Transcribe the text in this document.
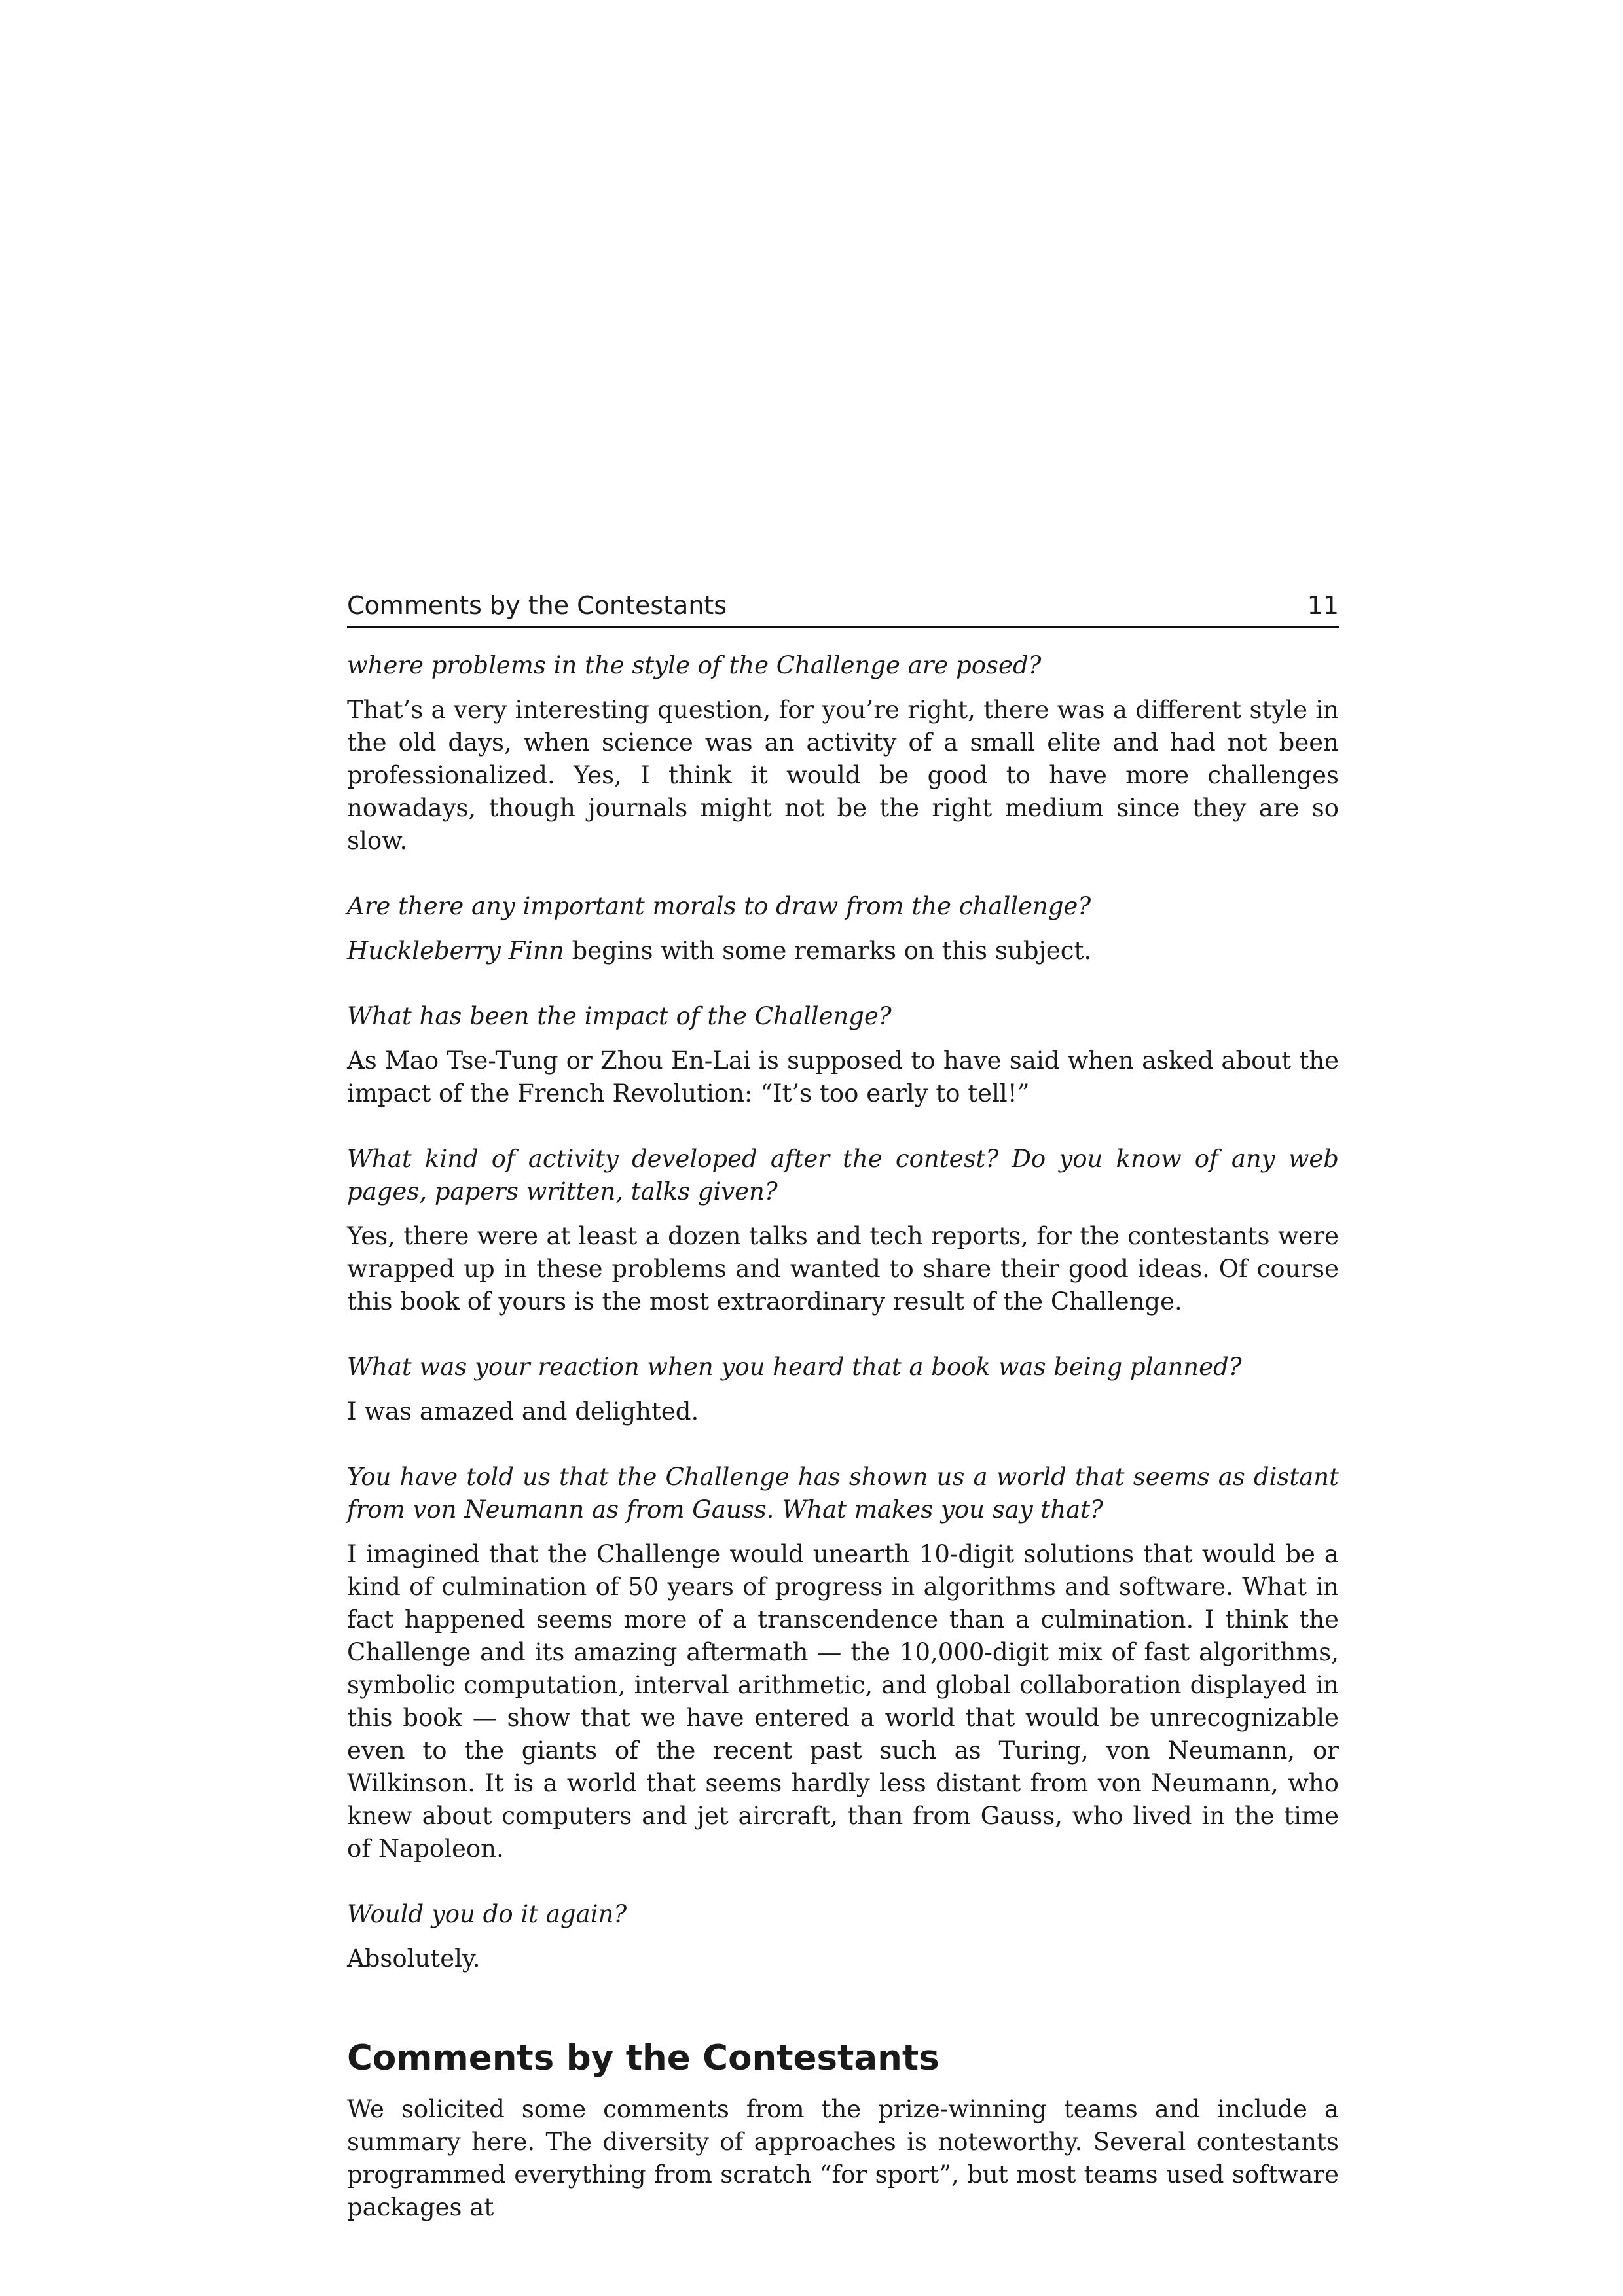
Comments by the Contestants	11

where problems in the style of the Challenge are posed?

That’s a very interesting question, for you’re right, there was a different style in the old days, when science was an activity of a small elite and had not been professionalized. Yes, I think it would be good to have more challenges nowadays, though journals might not be the right medium since they are so slow.

Are there any important morals to draw from the challenge?

Huckleberry Finn begins with some remarks on this subject.

What has been the impact of the Challenge?

As Mao Tse-Tung or Zhou En-Lai is supposed to have said when asked about the impact of the French Revolution: “It’s too early to tell!”

What kind of activity developed after the contest? Do you know of any web pages, papers written, talks given?

Yes, there were at least a dozen talks and tech reports, for the contestants were wrapped up in these problems and wanted to share their good ideas. Of course this book of yours is the most extraordinary result of the Challenge.

What was your reaction when you heard that a book was being planned?

I was amazed and delighted.

You have told us that the Challenge has shown us a world that seems as distant from von Neumann as from Gauss. What makes you say that?

I imagined that the Challenge would unearth 10-digit solutions that would be a kind of culmination of 50 years of progress in algorithms and software. What in fact happened seems more of a transcendence than a culmination. I think the Challenge and its amazing aftermath — the 10,000-digit mix of fast algorithms, symbolic computation, interval arithmetic, and global collaboration displayed in this book — show that we have entered a world that would be unrecognizable even to the giants of the recent past such as Turing, von Neumann, or Wilkinson. It is a world that seems hardly less distant from von Neumann, who knew about computers and jet aircraft, than from Gauss, who lived in the time of Napoleon.

Would you do it again?

Absolutely.

Comments by the Contestants

We solicited some comments from the prize-winning teams and include a summary here. The diversity of approaches is noteworthy. Several contestants programmed everything from scratch “for sport”, but most teams used software packages at
